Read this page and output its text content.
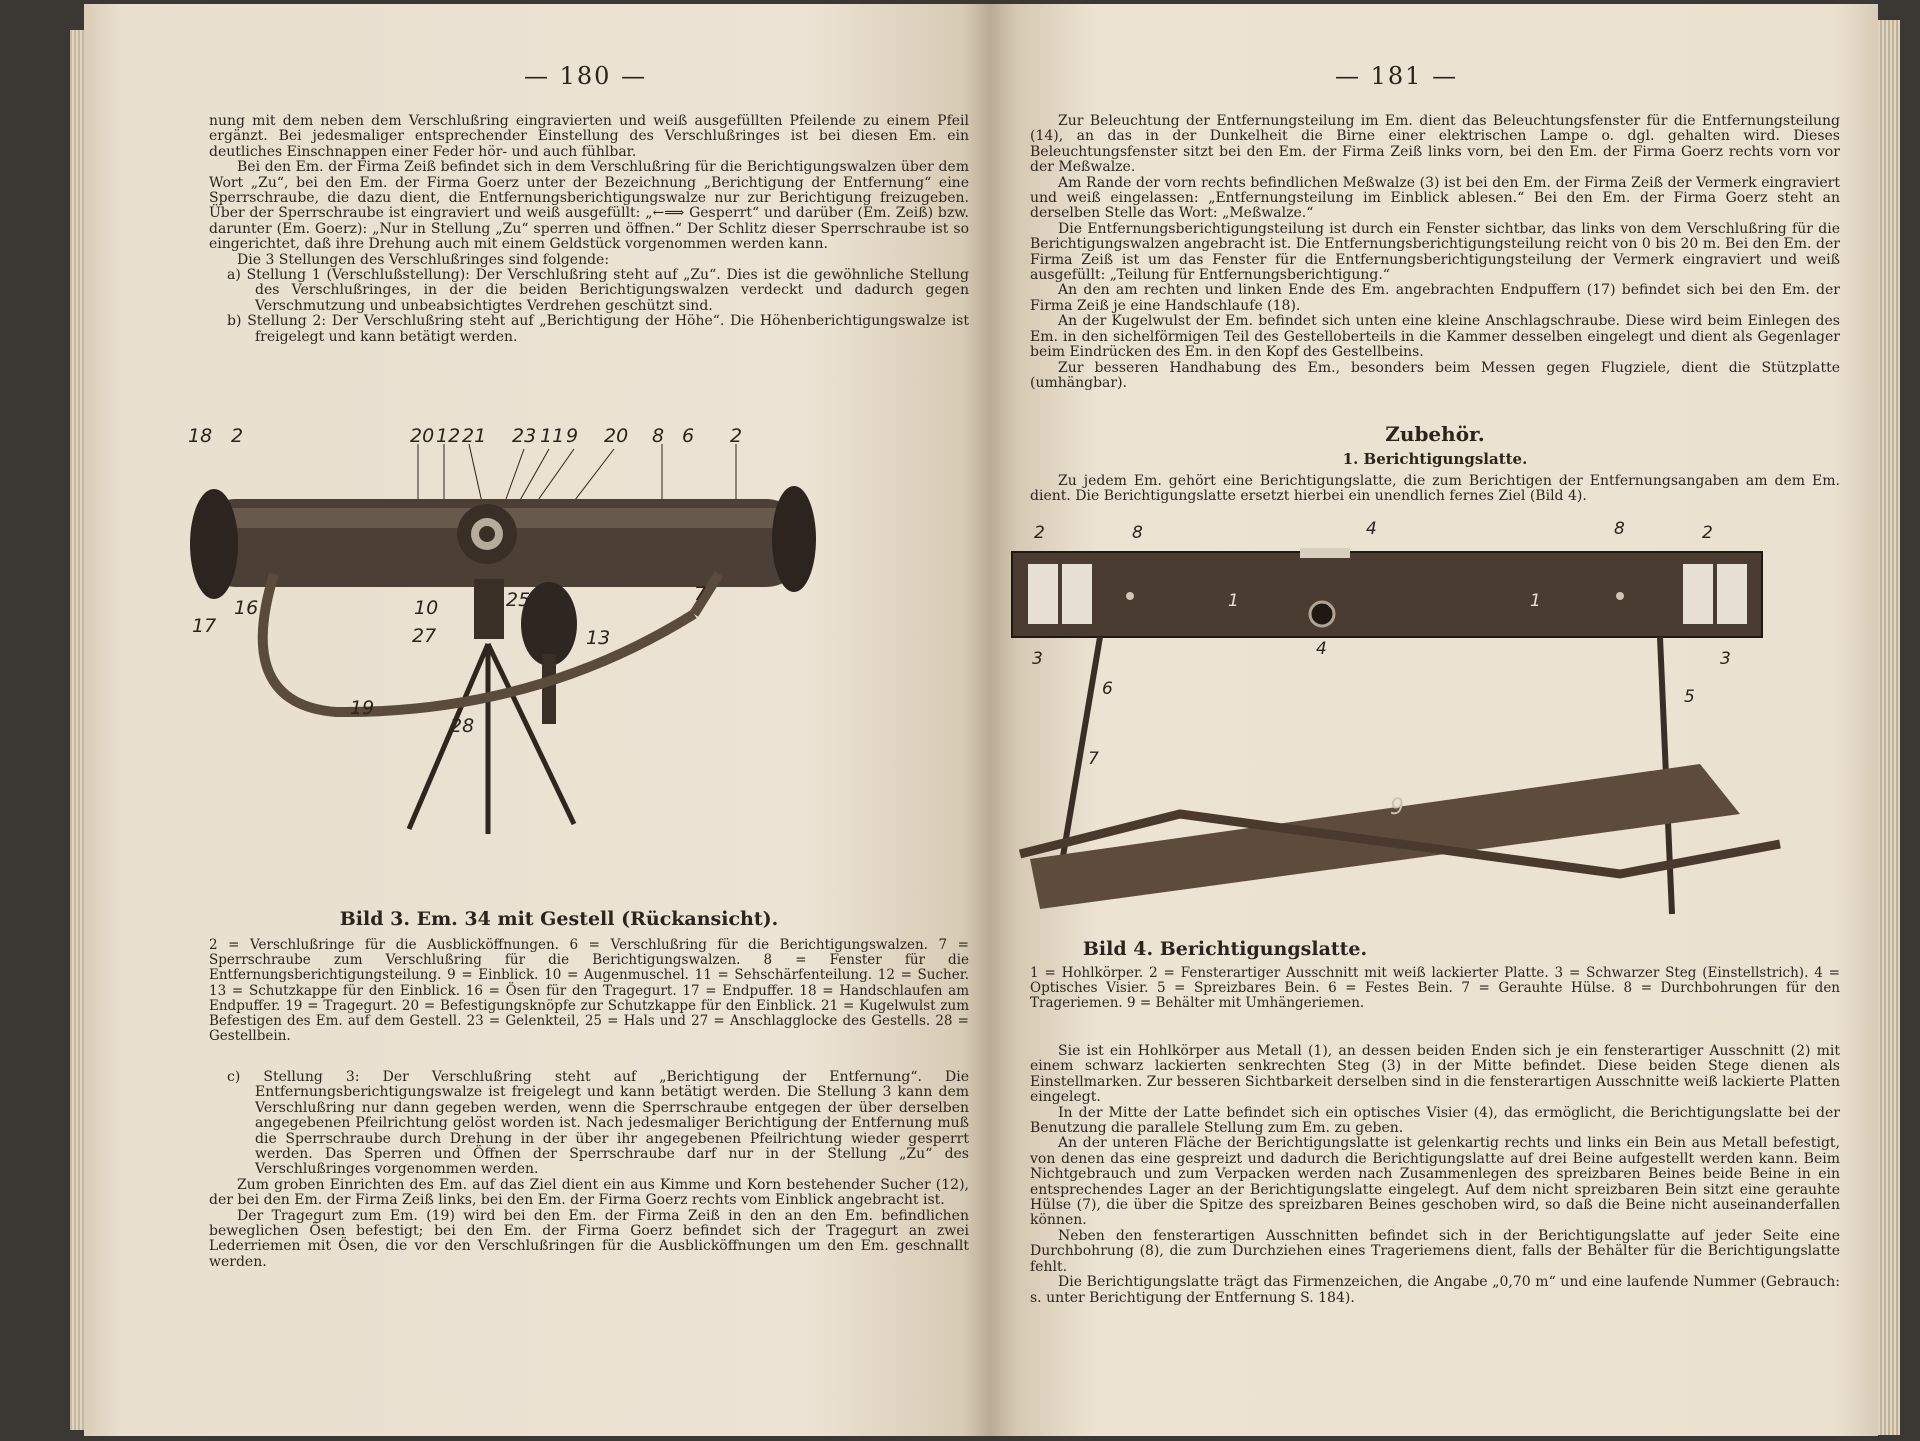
— 180 —

nung mit dem neben dem Verschlußring eingravierten und weiß ausgefüllten Pfeilende zu einem Pfeil ergänzt. Bei jedesmaliger entsprechender Einstellung des Verschlußringes ist bei diesen Em. ein deutliches Einschnappen einer Feder hör- und auch fühlbar.

Bei den Em. der Firma Zeiß befindet sich in dem Verschlußring für die Berichtigungswalzen über dem Wort „Zu“, bei den Em. der Firma Goerz unter der Bezeichnung „Berichtigung der Entfernung“ eine Sperrschraube, die dazu dient, die Entfernungsberichtigungswalze nur zur Berichtigung freizugeben. Über der Sperrschraube ist eingraviert und weiß ausgefüllt: „←⟹ Gesperrt“ und darüber (Em. Zeiß) bzw. darunter (Em. Goerz): „Nur in Stellung „Zu“ sperren und öffnen.“ Der Schlitz dieser Sperrschraube ist so eingerichtet, daß ihre Drehung auch mit einem Geldstück vorgenommen werden kann.

Die 3 Stellungen des Verschlußringes sind folgende:

a) Stellung 1 (Verschlußstellung): Der Verschlußring steht auf „Zu“. Dies ist die gewöhnliche Stellung des Verschlußringes, in der die beiden Berichtigungswalzen verdeckt und dadurch gegen Verschmutzung und unbeabsichtigtes Verdrehen geschützt sind.

b) Stellung 2: Der Verschlußring steht auf „Berichtigung der Höhe“. Die Höhenberichtigungswalze ist freigelegt und kann betätigt werden.

18 2	20 12 21 23 11 9 20 8 6 2
17
16	10	25	7
27	13
19
28
Bild 3. Em. 34 mit Gestell (Rückansicht).
2 = Verschlußringe für die Ausblicköffnungen. 6 = Verschlußring für die Berichtigungswalzen. 7 = Sperrschraube zum Verschlußring für die Berichtigungswalzen. 8 = Fenster für die Entfernungsberichtigungsteilung. 9 = Einblick. 10 = Augenmuschel. 11 = Sehschärfenteilung. 12 = Sucher. 13 = Schutzkappe für den Einblick. 16 = Ösen für den Tragegurt. 17 = Endpuffer. 18 = Handschlaufen am Endpuffer. 19 = Tragegurt. 20 = Befestigungsknöpfe zur Schutzkappe für den Einblick. 21 = Kugelwulst zum Befestigen des Em. auf dem Gestell. 23 = Gelenkteil, 25 = Hals und 27 = Anschlagglocke des Gestells. 28 = Gestellbein.

c) Stellung 3: Der Verschlußring steht auf „Berichtigung der Entfernung“. Die Entfernungsberichtigungswalze ist freigelegt und kann betätigt werden. Die Stellung 3 kann dem Verschlußring nur dann gegeben werden, wenn die Sperrschraube entgegen der über derselben angegebenen Pfeilrichtung gelöst worden ist. Nach jedesmaliger Berichtigung der Entfernung muß die Sperrschraube durch Drehung in der über ihr angegebenen Pfeilrichtung wieder gesperrt werden. Das Sperren und Öffnen der Sperrschraube darf nur in der Stellung „Zu“ des Verschlußringes vorgenommen werden.

Zum groben Einrichten des Em. auf das Ziel dient ein aus Kimme und Korn bestehender Sucher (12), der bei den Em. der Firma Zeiß links, bei den Em. der Firma Goerz rechts vom Einblick angebracht ist.

Der Tragegurt zum Em. (19) wird bei den Em. der Firma Zeiß in den an den Em. befindlichen beweglichen Ösen befestigt; bei den Em. der Firma Goerz befindet sich der Tragegurt an zwei Lederriemen mit Ösen, die vor den Verschlußringen für die Ausblicköffnungen um den Em. geschnallt werden.

— 181 —

Zur Beleuchtung der Entfernungsteilung im Em. dient das Beleuchtungsfenster für die Entfernungsteilung (14), an das in der Dunkelheit die Birne einer elektrischen Lampe o. dgl. gehalten wird. Dieses Beleuchtungsfenster sitzt bei den Em. der Firma Zeiß links vorn, bei den Em. der Firma Goerz rechts vorn vor der Meßwalze.

Am Rande der vorn rechts befindlichen Meßwalze (3) ist bei den Em. der Firma Zeiß der Vermerk eingraviert und weiß eingelassen: „Entfernungsteilung im Einblick ablesen.“ Bei den Em. der Firma Goerz steht an derselben Stelle das Wort: „Meßwalze.“

Die Entfernungsberichtigungsteilung ist durch ein Fenster sichtbar, das links von dem Verschlußring für die Berichtigungswalzen angebracht ist. Die Entfernungsberichtigungsteilung reicht von 0 bis 20 m. Bei den Em. der Firma Zeiß ist um das Fenster für die Entfernungsberichtigungsteilung der Vermerk eingraviert und weiß ausgefüllt: „Teilung für Entfernungsberichtigung.“

An den am rechten und linken Ende des Em. angebrachten Endpuffern (17) befindet sich bei den Em. der Firma Zeiß je eine Handschlaufe (18).

An der Kugelwulst der Em. befindet sich unten eine kleine Anschlagschraube. Diese wird beim Einlegen des Em. in den sichelförmigen Teil des Gestelloberteils in die Kammer desselben eingelegt und dient als Gegenlager beim Eindrücken des Em. in den Kopf des Gestellbeins.

Zur besseren Handhabung des Em., besonders beim Messen gegen Flugziele, dient die Stützplatte (umhängbar).

Zubehör.
1. Berichtigungslatte.
Zu jedem Em. gehört eine Berichtigungslatte, die zum Berichtigen der Entfernungsangaben am dem Em. dient. Die Berichtigungslatte ersetzt hierbei ein unendlich fernes Ziel (Bild 4).
2	8	4	8	2
1	1
3	4	3
6
7
5
9
Bild 4. Berichtigungslatte.
1 = Hohlkörper. 2 = Fensterartiger Ausschnitt mit weiß lackierter Platte. 3 = Schwarzer Steg (Einstellstrich). 4 = Optisches Visier. 5 = Spreizbares Bein. 6 = Festes Bein. 7 = Gerauhte Hülse. 8 = Durchbohrungen für den Trageriemen. 9 = Behälter mit Umhängeriemen.

Sie ist ein Hohlkörper aus Metall (1), an dessen beiden Enden sich je ein fensterartiger Ausschnitt (2) mit einem schwarz lackierten senkrechten Steg (3) in der Mitte befindet. Diese beiden Stege dienen als Einstellmarken. Zur besseren Sichtbarkeit derselben sind in die fensterartigen Ausschnitte weiß lackierte Platten eingelegt.

In der Mitte der Latte befindet sich ein optisches Visier (4), das ermöglicht, die Berichtigungslatte bei der Benutzung die parallele Stellung zum Em. zu geben.

An der unteren Fläche der Berichtigungslatte ist gelenkartig rechts und links ein Bein aus Metall befestigt, von denen das eine gespreizt und dadurch die Berichtigungslatte auf drei Beine aufgestellt werden kann. Beim Nichtgebrauch und zum Verpacken werden nach Zusammenlegen des spreizbaren Beines beide Beine in ein entsprechendes Lager an der Berichtigungslatte eingelegt. Auf dem nicht spreizbaren Bein sitzt eine gerauhte Hülse (7), die über die Spitze des spreizbaren Beines geschoben wird, so daß die Beine nicht auseinanderfallen können.

Neben den fensterartigen Ausschnitten befindet sich in der Berichtigungslatte auf jeder Seite eine Durchbohrung (8), die zum Durchziehen eines Trageriemens dient, falls der Behälter für die Berichtigungslatte fehlt.

Die Berichtigungslatte trägt das Firmenzeichen, die Angabe „0,70 m“ und eine laufende Nummer (Gebrauch: s. unter Berichtigung der Entfernung S. 184).
